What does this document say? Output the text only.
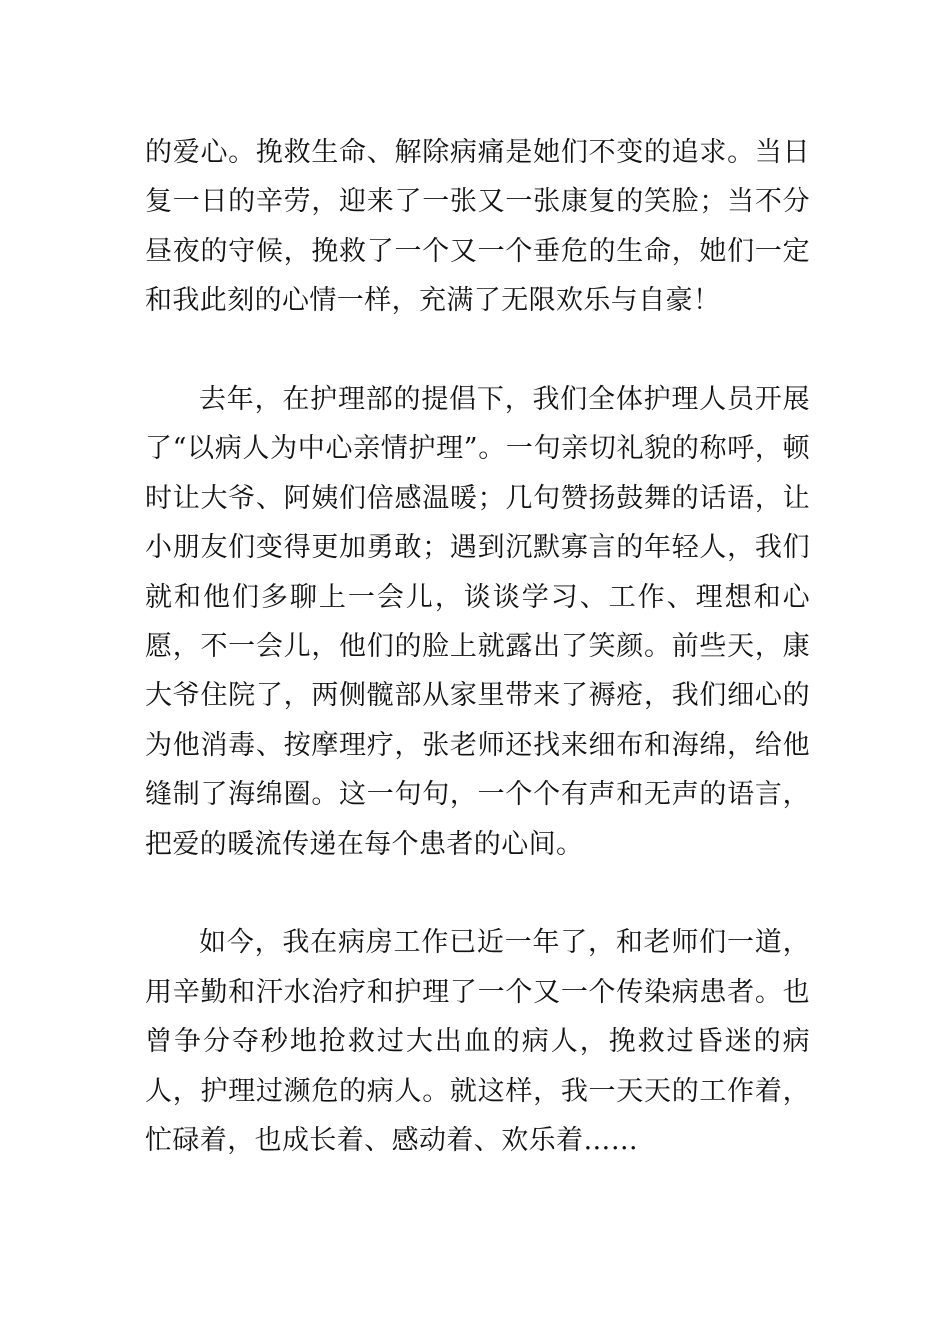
的爱心。挽救生命、解除病痛是她们不变的追求。当日复一日的辛劳，迎来了一张又一张康复的笑脸；当不分昼夜的守候，挽救了一个又一个垂危的生命，她们一定和我此刻的心情一样，充满了无限欢乐与自豪！

去年，在护理部的提倡下，我们全体护理人员开展了“以病人为中心亲情护理”。一句亲切礼貌的称呼，顿时让大爷、阿姨们倍感温暖；几句赞扬鼓舞的话语，让小朋友们变得更加勇敢；遇到沉默寡言的年轻人，我们就和他们多聊上一会儿，谈谈学习、工作、理想和心愿，不一会儿，他们的脸上就露出了笑颜。前些天，康大爷住院了，两侧髋部从家里带来了褥疮，我们细心的为他消毒、按摩理疗，张老师还找来细布和海绵，给他缝制了海绵圈。这一句句，一个个有声和无声的语言，把爱的暖流传递在每个患者的心间。

如今，我在病房工作已近一年了，和老师们一道，用辛勤和汗水治疗和护理了一个又一个传染病患者。也曾争分夺秒地抢救过大出血的病人，挽救过昏迷的病人，护理过濒危的病人。就这样，我一天天的工作着，忙碌着，也成长着、感动着、欢乐着……
